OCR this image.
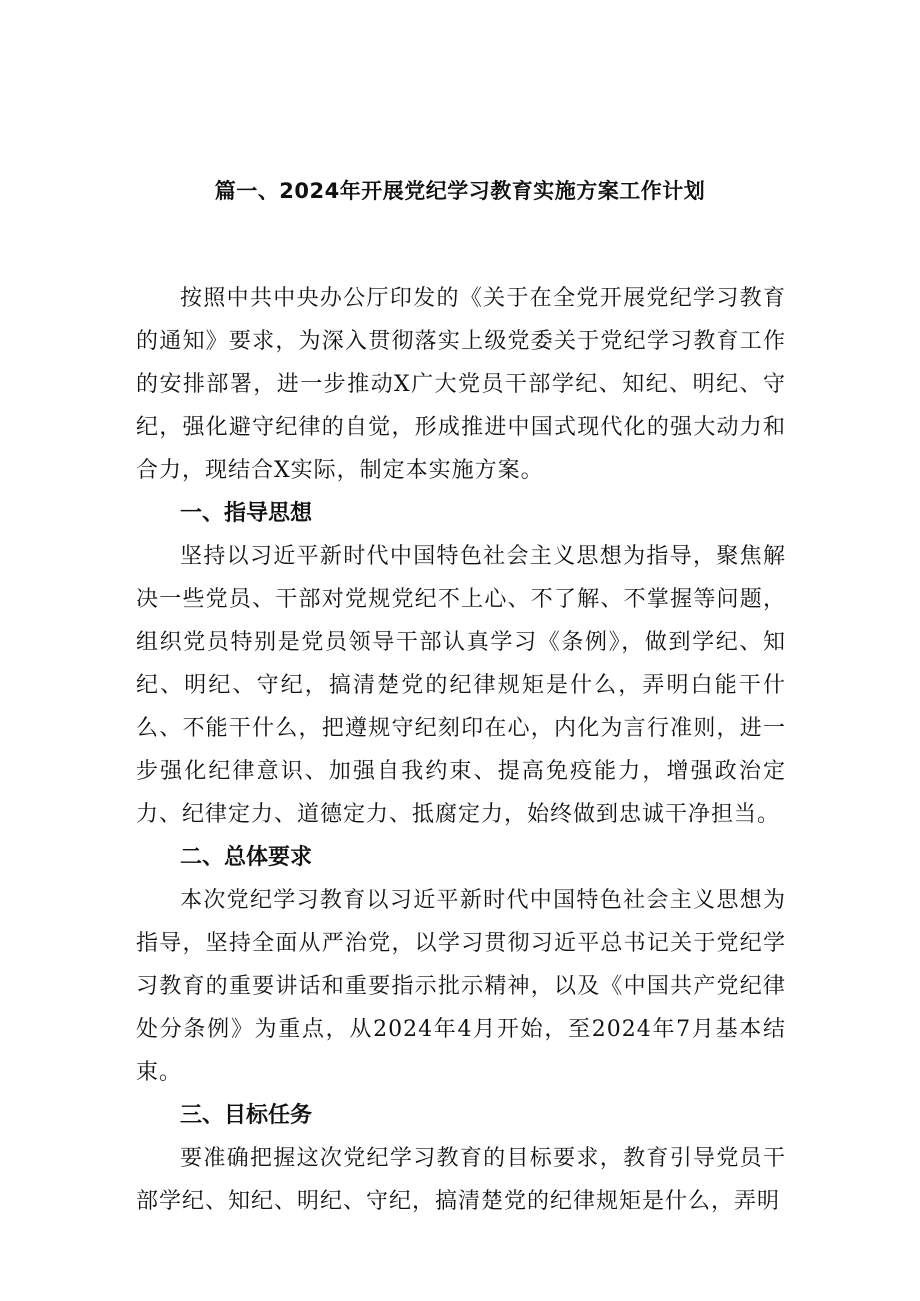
篇一、2024年开展党纪学习教育实施方案工作计划

按照中共中央办公厅印发的《关于在全党开展党纪学习教育的通知》要求，为深入贯彻落实上级党委关于党纪学习教育工作的安排部署，进一步推动X广大党员干部学纪、知纪、明纪、守纪，强化避守纪律的自觉，形成推进中国式现代化的强大动力和合力，现结合X实际，制定本实施方案。

一、指导思想

坚持以习近平新时代中国特色社会主义思想为指导，聚焦解决一些党员、干部对党规党纪不上心、不了解、不掌握等问题，组织党员特别是党员领导干部认真学习《条例》，做到学纪、知纪、明纪、守纪，搞清楚党的纪律规矩是什么，弄明白能干什么、不能干什么，把遵规守纪刻印在心，内化为言行准则，进一步强化纪律意识、加强自我约束、提高免疫能力，增强政治定力、纪律定力、道德定力、抵腐定力，始终做到忠诚干净担当。

二、总体要求

本次党纪学习教育以习近平新时代中国特色社会主义思想为指导，坚持全面从严治党，以学习贯彻习近平总书记关于党纪学习教育的重要讲话和重要指示批示精神，以及《中国共产党纪律处分条例》为重点，从2024年4月开始，至2024年7月基本结束。

三、目标任务

要准确把握这次党纪学习教育的目标要求，教育引导党员干部学纪、知纪、明纪、守纪，搞清楚党的纪律规矩是什么，弄明
